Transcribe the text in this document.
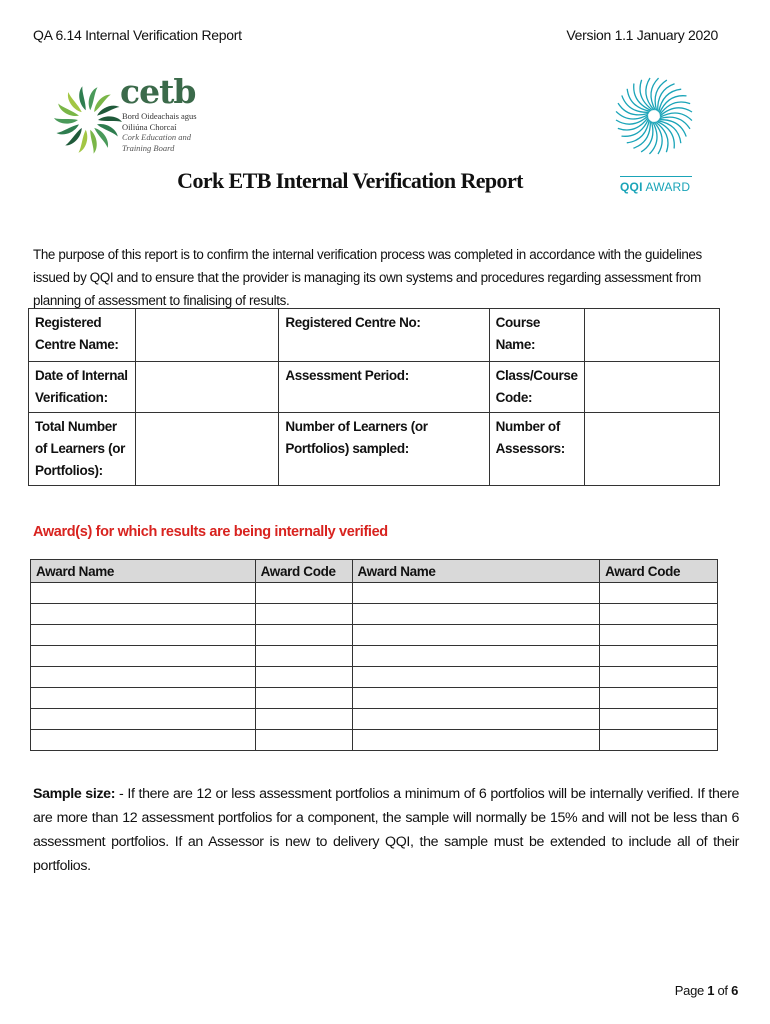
QA 6.14 Internal Verification Report	Version 1.1 January 2020
cetb
Bord Oideachais agus
Oiliúna Chorcaí
Cork Education and
Training Board
QQI AWARD
Cork ETB Internal Verification Report
The purpose of this report is to confirm the internal verification process was completed in accordance with the guidelines issued by QQI and to ensure that the provider is managing its own systems and procedures regarding assessment from planning of assessment to finalising of results.
Registered Centre Name:		Registered Centre No:	Course Name:	
Date of Internal Verification:		Assessment Period:	Class/Course Code:	
Total Number of Learners (or Portfolios):		Number of Learners (or Portfolios) sampled:	Number of Assessors:	
Award(s) for which results are being internally verified
Award Name	Award Code	Award Name	Award Code

Sample size: - If there are 12 or less assessment portfolios a minimum of 6 portfolios will be internally verified. If there are more than 12 assessment portfolios for a component, the sample will normally be 15% and will not be less than 6 assessment portfolios. If an Assessor is new to delivery QQI, the sample must be extended to include all of their portfolios.
Page 1 of 6
